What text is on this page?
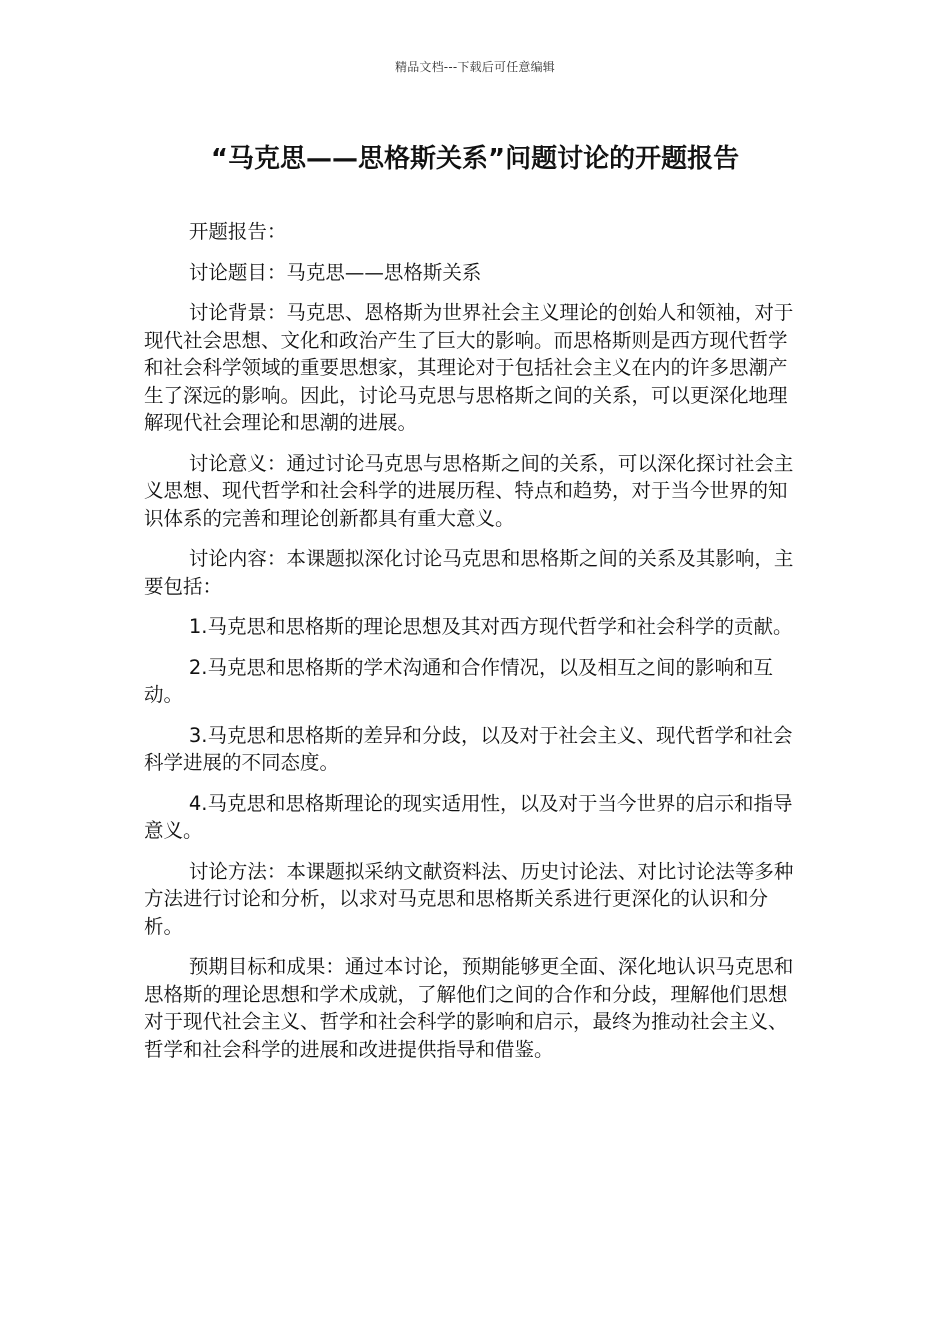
精品文档---下载后可任意编辑
“马克思——思格斯关系”问题讨论的开题报告

开题报告：

讨论题目：马克思——思格斯关系

讨论背景：马克思、恩格斯为世界社会主义理论的创始人和领袖，对于现代社会思想、文化和政治产生了巨大的影响。而思格斯则是西方现代哲学和社会科学领域的重要思想家，其理论对于包括社会主义在内的许多思潮产生了深远的影响。因此，讨论马克思与思格斯之间的关系，可以更深化地理解现代社会理论和思潮的进展。

讨论意义：通过讨论马克思与思格斯之间的关系，可以深化探讨社会主义思想、现代哲学和社会科学的进展历程、特点和趋势，对于当今世界的知识体系的完善和理论创新都具有重大意义。

讨论内容：本课题拟深化讨论马克思和思格斯之间的关系及其影响，主要包括：

1.马克思和思格斯的理论思想及其对西方现代哲学和社会科学的贡献。

2.马克思和思格斯的学术沟通和合作情况，以及相互之间的影响和互动。

3.马克思和思格斯的差异和分歧，以及对于社会主义、现代哲学和社会科学进展的不同态度。

4.马克思和思格斯理论的现实适用性，以及对于当今世界的启示和指导意义。

讨论方法：本课题拟采纳文献资料法、历史讨论法、对比讨论法等多种方法进行讨论和分析，以求对马克思和思格斯关系进行更深化的认识和分析。

预期目标和成果：通过本讨论，预期能够更全面、深化地认识马克思和思格斯的理论思想和学术成就，了解他们之间的合作和分歧，理解他们思想对于现代社会主义、哲学和社会科学的影响和启示，最终为推动社会主义、哲学和社会科学的进展和改进提供指导和借鉴。
